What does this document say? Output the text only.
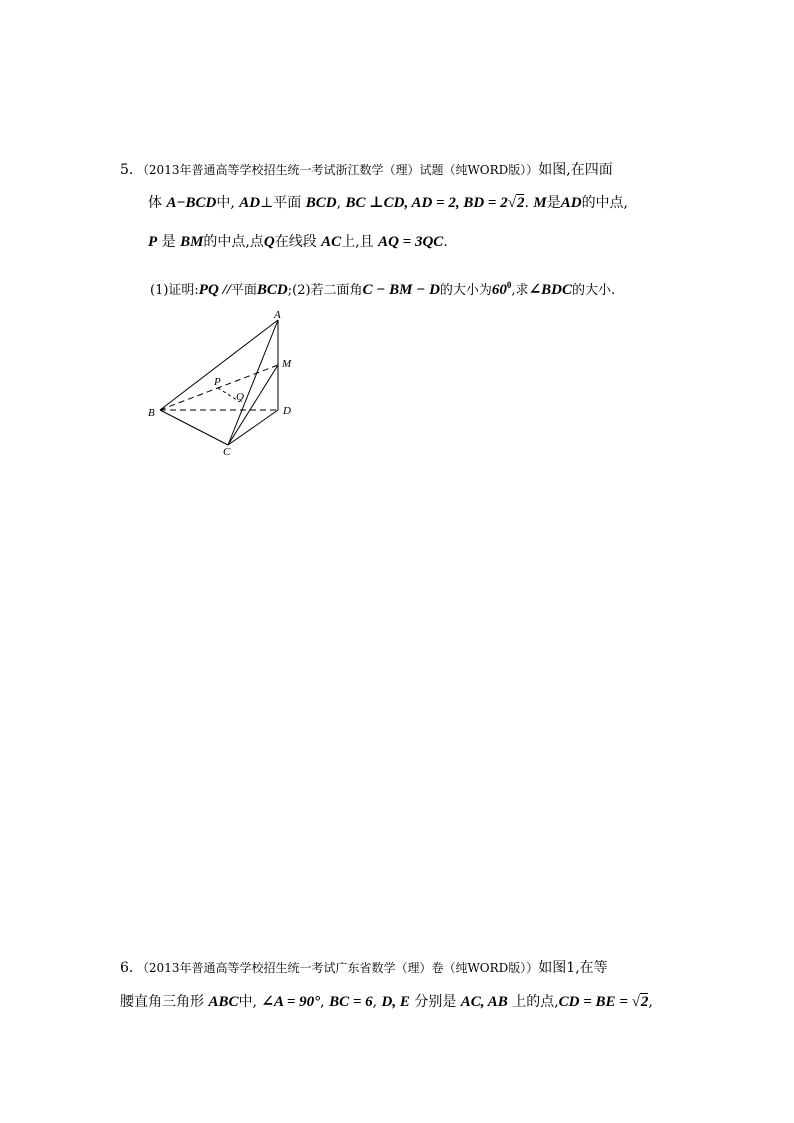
5．（2013年普通高等学校招生统一考试浙江数学（理）试题（纯WORD版））如图,在四面
体 A−BCD中, AD⊥平面 BCD, BC ⊥CD, AD = 2, BD = 2√2. M是AD的中点,
P 是 BM的中点,点Q在线段 AC上,且 AQ = 3QC.
(1)证明:PQ //平面BCD;(2)若二面角C − BM − D的大小为$60^0$,求∠BDC的大小.
A
B
C
D
M
P
Q
6．（2013年普通高等学校招生统一考试广东省数学（理）卷（纯WORD版））如图1,在等
腰直角三角形 ABC中, ∠A = 90°, BC = 6, D, E 分别是 AC, AB 上的点,CD = BE = √2,
